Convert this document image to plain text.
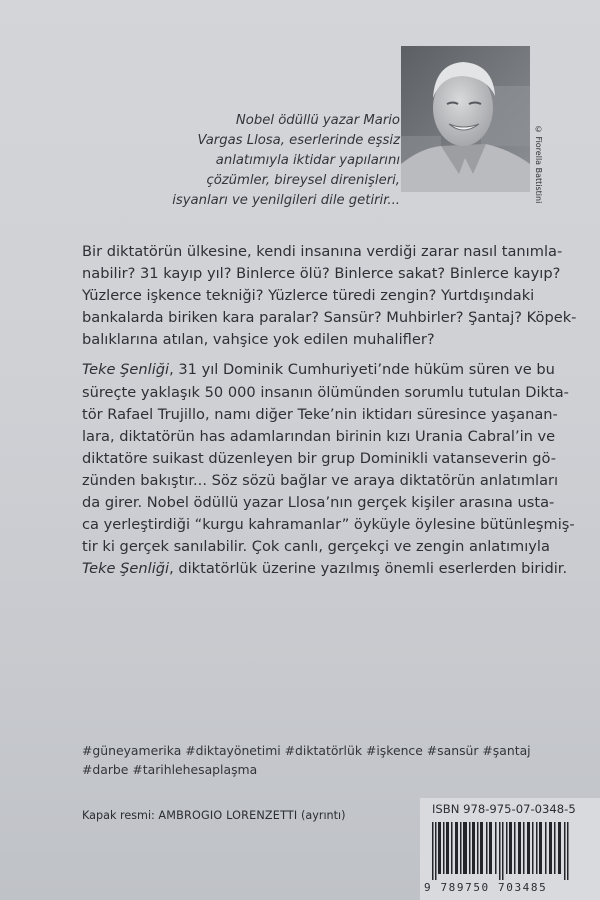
Nobel ödüllü yazar Mario
Vargas Llosa, eserlerinde eşsiz
anlatımıyla iktidar yapılarını
çözümler, bireysel direnişleri,
isyanları ve yenilgileri dile getirir...	© Fiorella Battistini
Bir diktatörün ülkesine, kendi insanına verdiği zarar nasıl tanımla-
nabilir? 31 kayıp yıl? Binlerce ölü? Binlerce sakat? Binlerce kayıp?
Yüzlerce işkence tekniği? Yüzlerce türedi zengin? Yurtdışındaki
bankalarda biriken kara paralar? Sansür? Muhbirler? Şantaj? Köpek-
balıklarına atılan, vahşice yok edilen muhalifler?
Teke Şenliği, 31 yıl Dominik Cumhuriyeti’nde hüküm süren ve bu
süreçte yaklaşık 50 000 insanın ölümünden sorumlu tutulan Dikta-
tör Rafael Trujillo, namı diğer Teke’nin iktidarı süresince yaşanan-
lara, diktatörün has adamlarından birinin kızı Urania Cabral’in ve
diktatöre suikast düzenleyen bir grup Dominikli vatanseverin gö-
zünden bakıştır... Söz sözü bağlar ve araya diktatörün anlatımları
da girer. Nobel ödüllü yazar Llosa’nın gerçek kişiler arasına usta-
ca yerleştirdiği “kurgu kahramanlar” öyküyle öylesine bütünleşmiş-
tir ki gerçek sanılabilir. Çok canlı, gerçekçi ve zengin anlatımıyla
Teke Şenliği, diktatörlük üzerine yazılmış önemli eserlerden biridir.
#güneyamerika #diktayönetimi #diktatörlük #işkence #sansür #şantaj
#darbe #tarihlehesaplaşma
Kapak resmi: AMBROGIO LORENZETTI (ayrıntı)	ISBN 978-975-07-0348-5
9 789750 703485
